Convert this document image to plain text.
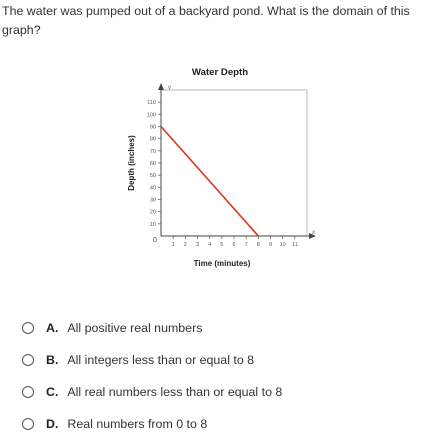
The water was pumped out of a backyard pond. What is the domain of this graph?
Water Depth
Depth (inches)
Time (minutes)
0
x
y
1 2 3 4 5 6 7 8 9 10 11
10
20
30
40
50
60
70
80
90
100
110
A. All positive real numbers
B. All integers less than or equal to 8
C. All real numbers less than or equal to 8
D. Real numbers from 0 to 8
